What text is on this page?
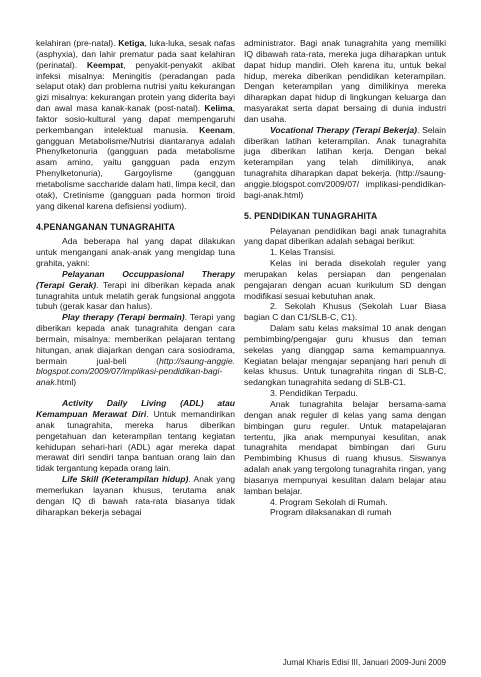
kelahiran (pre-natal). Ketiga, luka-luka, sesak nafas (asphyxia), dan lahir prematur pada saat kelahiran (perinatal). Keempat, penyakit-penyakit akibat infeksi misalnya: Meningitis (peradangan pada selaput otak) dan problema nutrisi yaitu kekurangan gizi misalnya: kekurangan protein yang diderita bayi dan awal masa kanak-kanak (post-natal). Kelima, faktor sosio-kultural yang dapat mempengaruhi perkembangan intelektual manusia. Keenam, gangguan Metabolisme/Nutrisi diantaranya adalah Phenylketonuria (gangguan pada metabolisme asam amino, yaitu gangguan pada enzym Phenylketonuria), Gargoylisme (gangguan metabolisme saccharide dalam hati, limpa kecil, dan otak), Cretinisme (gangguan pada hormon tiroid yang dikenal karena defisiensi yodium).

4.PENANGANAN TUNAGRAHITA

Ada beberapa hal yang dapat dilakukan untuk mengangani anak-anak yang mengidap tuna grahita, yakni:

Pelayanan Occuppasional Therapy (Terapi Gerak). Terapi ini diberikan kepada anak tunagrahita untuk melatih gerak fungsional anggota tubuh (gerak kasar dan halus).

Play therapy (Terapi bermain). Terapi yang diberikan kepada anak tunagrahita dengan cara bermain, misalnya: memberikan pelajaran tentang hitungan, anak diajarkan dengan cara sosiodrama, bermain jual-beli (http://saung-anggie. blogspot.com/2009/07/implikasi-pendidikan-bagi-anak.html)

Activity Daily Living (ADL) atau Kemampuan Merawat Diri. Untuk memandirikan anak tunagrahita, mereka harus diberikan pengetahuan dan keterampilan tentang kegiatan kehidupan sehari-hari (ADL) agar mereka dapat merawat diri sendiri tanpa bantuan orang lain dan tidak tergantung kepada orang lain.

Life Skill (Keterampilan hidup). Anak yang memerlukan layanan khusus, terutama anak dengan IQ di bawah rata-rata biasanya tidak diharapkan bekerja sebagai

administrator. Bagi anak tunagrahita yang memiliki IQ dibawah rata-rata, mereka juga diharapkan untuk dapat hidup mandiri. Oleh karena itu, untuk bekal hidup, mereka diberikan pendidikan keterampilan. Dengan keterampilan yang dimilikinya mereka diharapkan dapat hidup di lingkungan keluarga dan masyarakat serta dapat bersaing di dunia industri dan usaha.

Vocational Therapy (Terapi Bekerja). Selain diberikan latihan keterampilan. Anak tunagrahita juga diberikan latihan kerja. Dengan bekal keterampilan yang telah dimilikinya, anak tunagrahita diharapkan dapat bekerja. (http://saung-anggie.blogspot.com/2009/07/ implikasi-pendidikan-bagi-anak.html)

5. PENDIDIKAN TUNAGRAHITA

Pelayanan pendidikan bagi anak tunagrahita yang dapat diberikan adalah sebagai berikut:

1. Kelas Transisi.

Kelas ini berada disekolah reguler yang merupakan kelas persiapan dan pengenalan pengajaran dengan acuan kurikulum SD dengan modifikasi sesuai kebutuhan anak.

2. Sekolah Khusus (Sekolah Luar Biasa bagian C dan C1/SLB-C, C1).

Dalam satu kelas maksimal 10 anak dengan pembimbing/pengajar guru khusus dan teman sekelas yang dianggap sama kemampuannya. Kegiatan belajar mengajar sepanjang hari penuh di kelas khusus. Untuk tunagrahita ringan di SLB-C, sedangkan tunagrahita sedang di SLB-C1.

3. Pendidikan Terpadu.

Anak tunagrahita belajar bersama-sama dengan anak reguler di kelas yang sama dengan bimbingan guru reguler. Untuk matapelajaran tertentu, jika anak mempunyai kesulitan, anak tunagrahita mendapat bimbingan dari Guru Pembimbing Khusus di ruang khusus. Siswanya adalah anak yang tergolong tunagrahita ringan, yang biasanya mempunyai kesulitan dalam belajar atau lamban belajar.

4. Program Sekolah di Rumah.

Program dilaksanakan di rumah

Jurnal Kharis Edisi III, Januari 2009-Juni 2009
